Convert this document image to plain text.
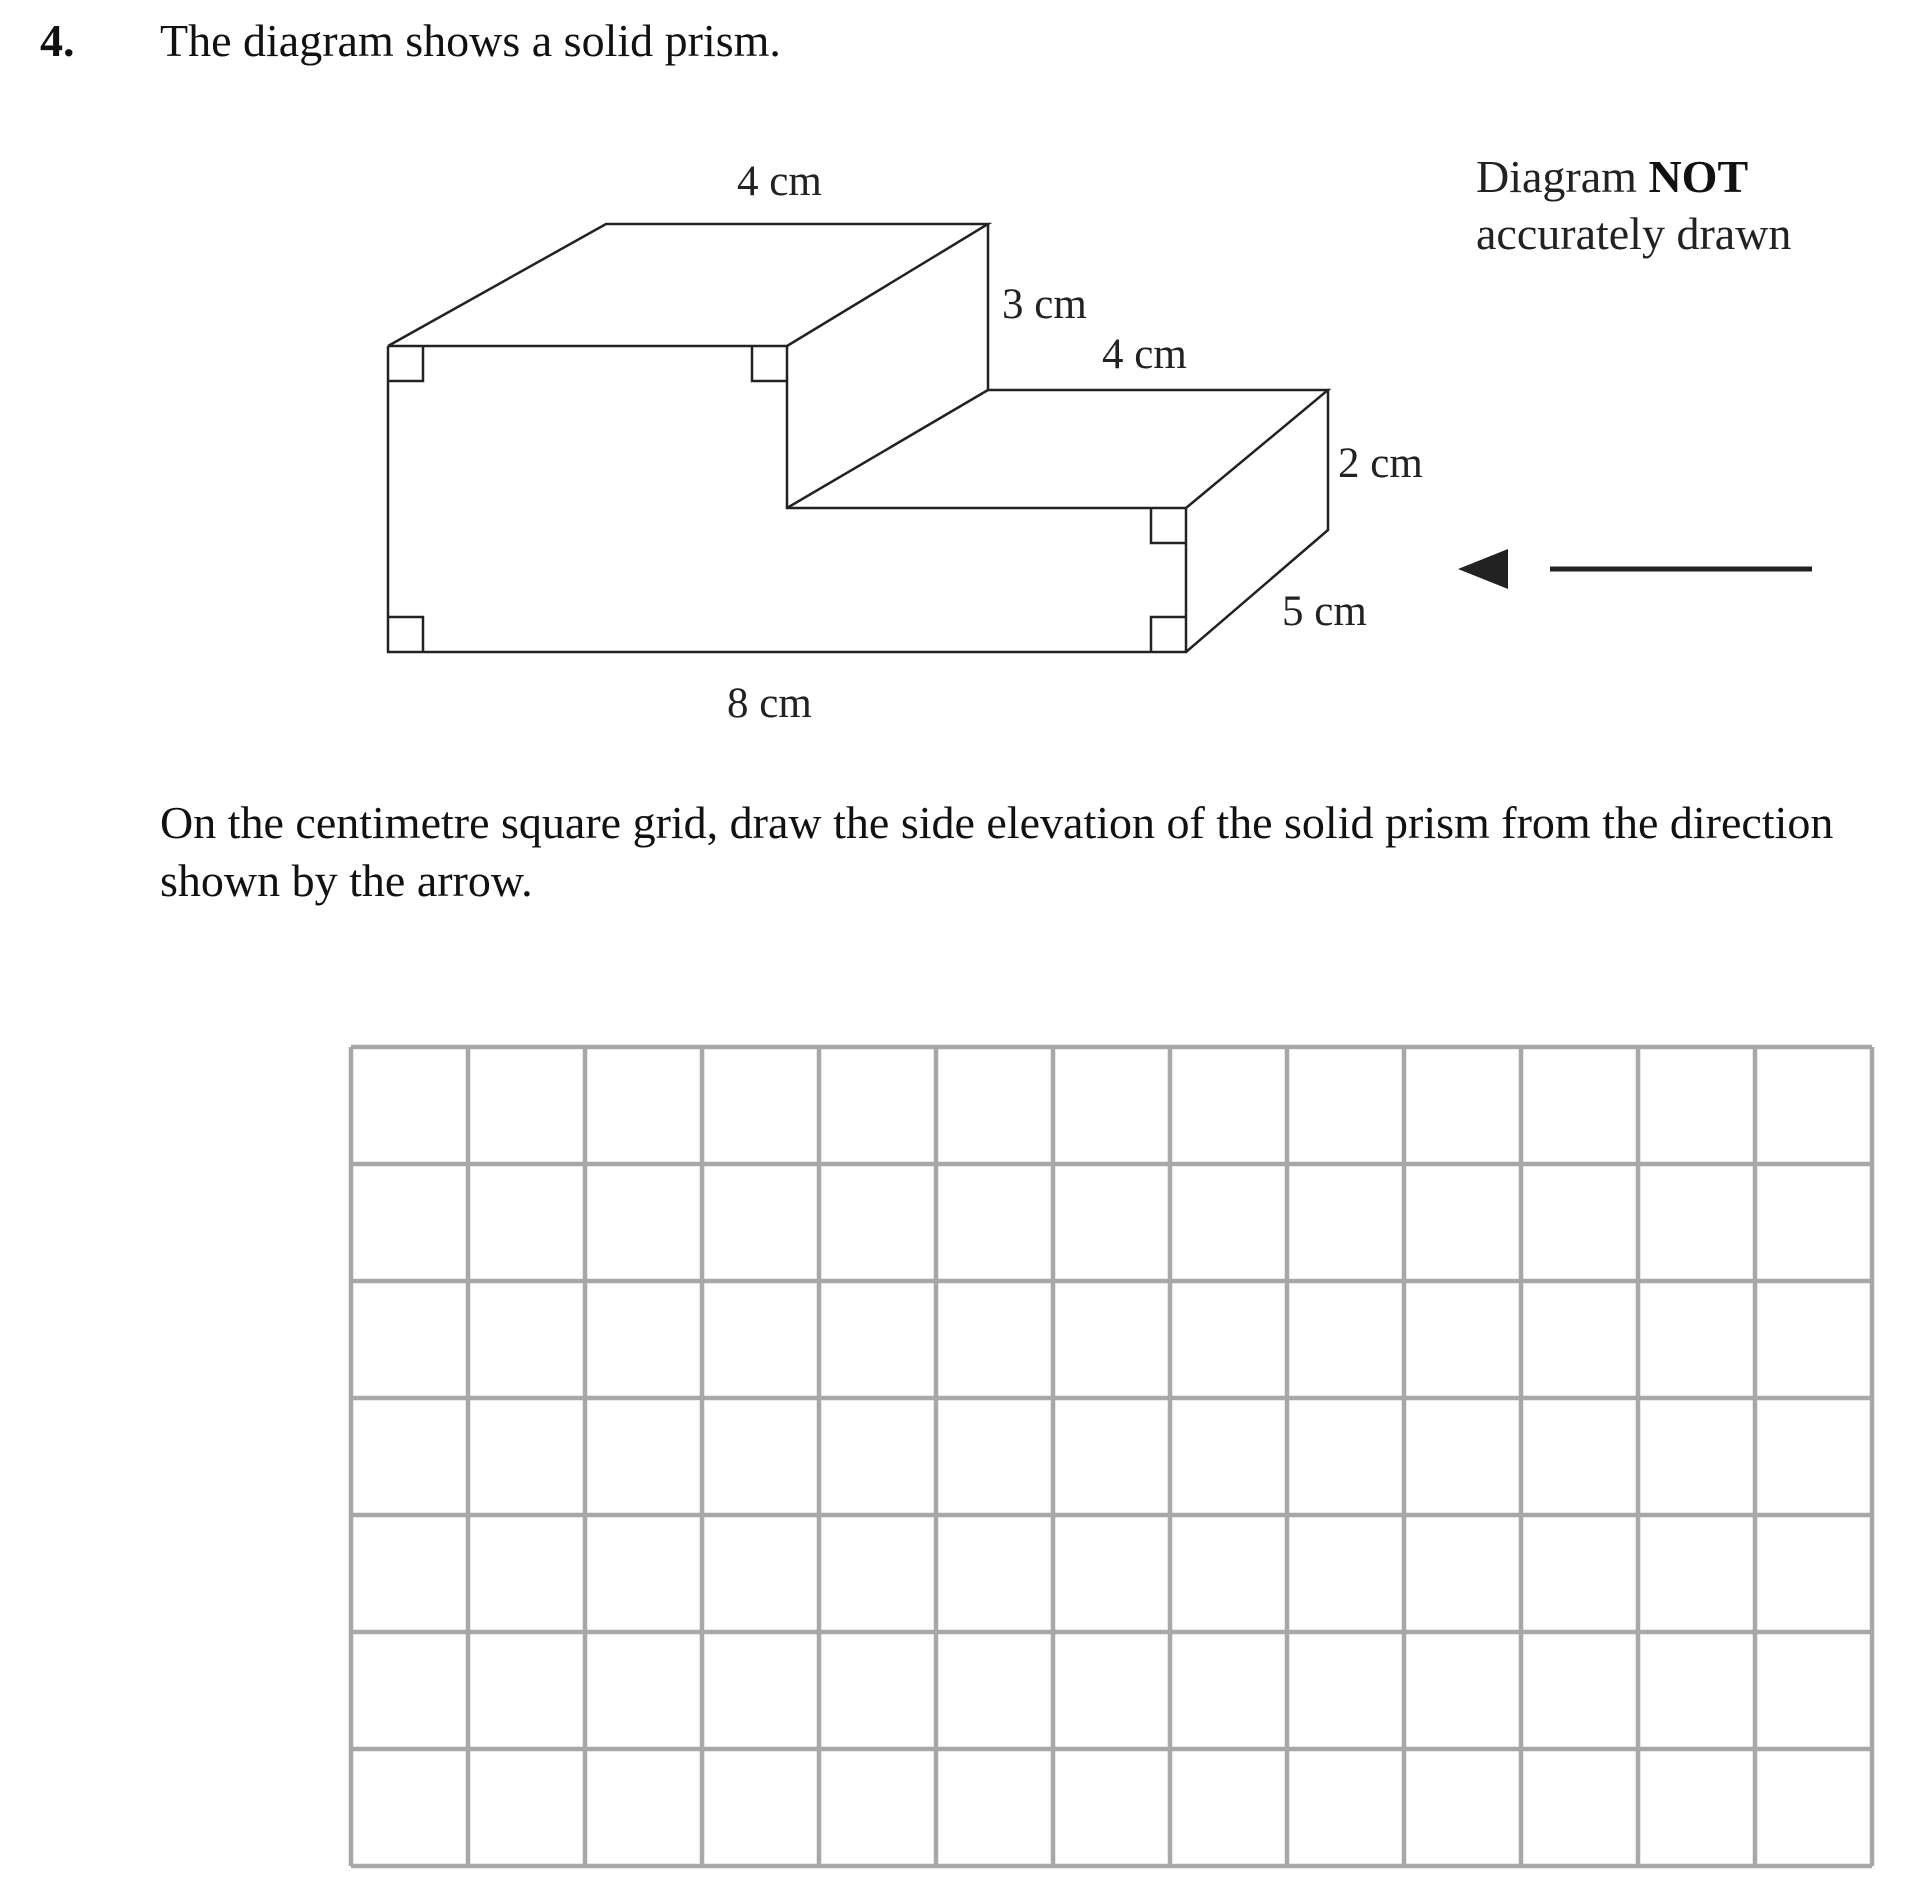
4. The diagram shows a solid prism.
4 cm
3 cm
4 cm
2 cm
5 cm
8 cm
Diagram NOT
accurately drawn
On the centimetre square grid, draw the side elevation of the solid prism from the direction shown by the arrow.
